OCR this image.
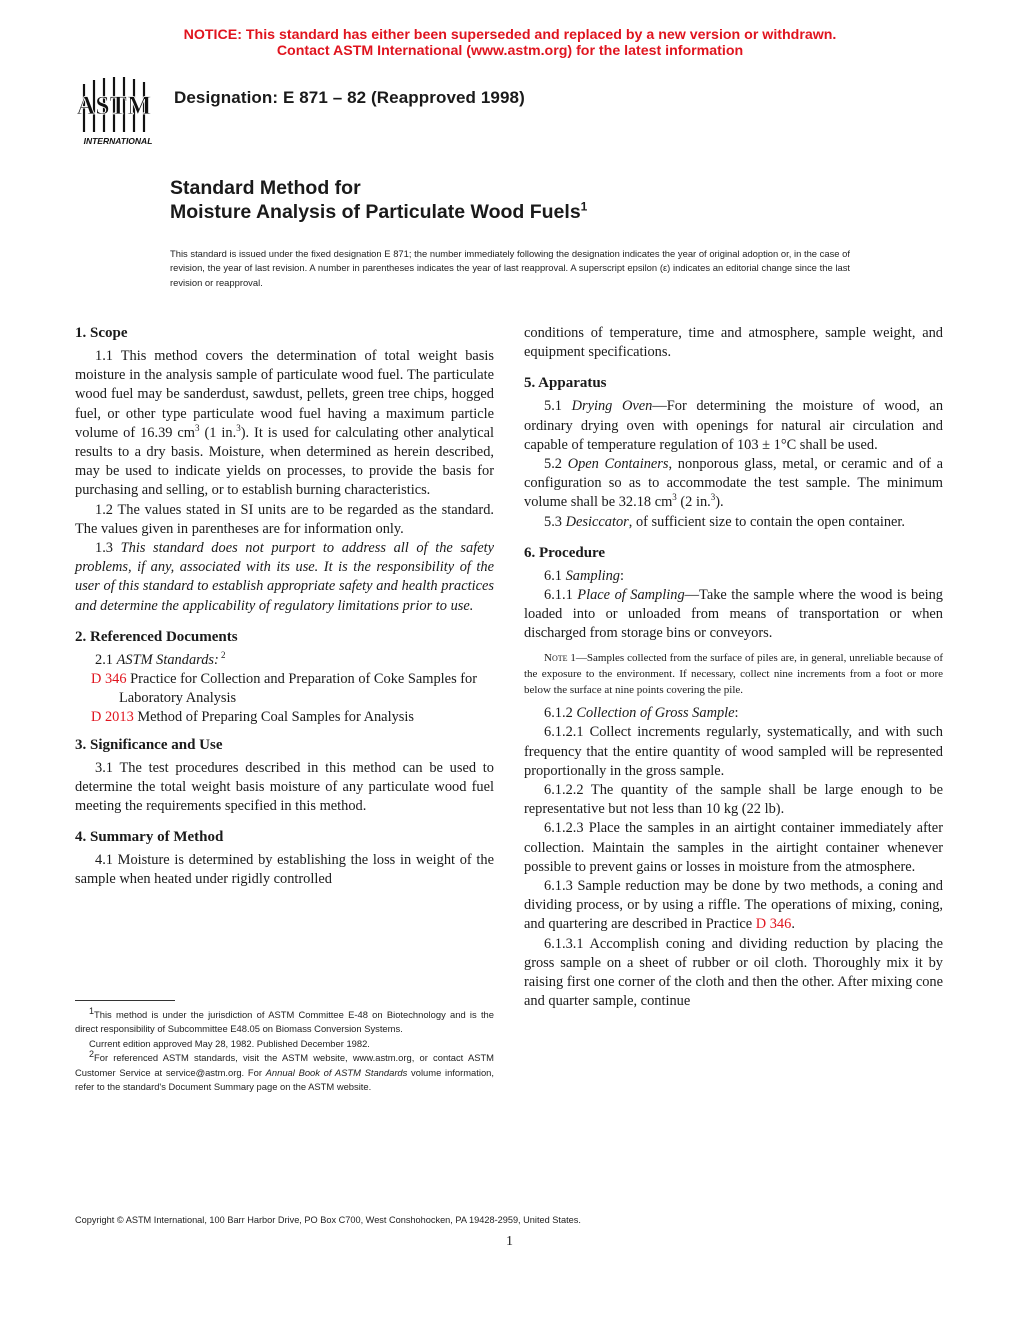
NOTICE: This standard has either been superseded and replaced by a new version or withdrawn.
Contact ASTM International (www.astm.org) for the latest information
ASTM
INTERNATIONAL
Designation: E 871 – 82 (Reapproved 1998)
Standard Method for
Moisture Analysis of Particulate Wood Fuels$^1$
This standard is issued under the fixed designation E 871; the number immediately following the designation indicates the year of original adoption or, in the case of revision, the year of last revision. A number in parentheses indicates the year of last reapproval. A superscript epsilon (ε) indicates an editorial change since the last revision or reapproval.
1. Scope

1.1 This method covers the determination of total weight basis moisture in the analysis sample of particulate wood fuel. The particulate wood fuel may be sanderdust, sawdust, pellets, green tree chips, hogged fuel, or other type particulate wood fuel having a maximum particle volume of 16.39 $cm^3$ (1 in.$^3$). It is used for calculating other analytical results to a dry basis. Moisture, when determined as herein described, may be used to indicate yields on processes, to provide the basis for purchasing and selling, or to establish burning characteristics.

1.2 The values stated in SI units are to be regarded as the standard. The values given in parentheses are for information only.

1.3 This standard does not purport to address all of the safety problems, if any, associated with its use. It is the responsibility of the user of this standard to establish appropriate safety and health practices and determine the applicability of regulatory limitations prior to use.

2. Referenced Documents

2.1 ASTM Standards: $^2$

D 346 Practice for Collection and Preparation of Coke Samples for Laboratory Analysis

D 2013 Method of Preparing Coal Samples for Analysis

3. Significance and Use

3.1 The test procedures described in this method can be used to determine the total weight basis moisture of any particulate wood fuel meeting the requirements specified in this method.

4. Summary of Method

4.1 Moisture is determined by establishing the loss in weight of the sample when heated under rigidly controlled

conditions of temperature, time and atmosphere, sample weight, and equipment specifications.

5. Apparatus

5.1 Drying Oven—For determining the moisture of wood, an ordinary drying oven with openings for natural air circulation and capable of temperature regulation of 103 ± 1°C shall be used.

5.2 Open Containers, nonporous glass, metal, or ceramic and of a configuration so as to accommodate the test sample. The minimum volume shall be 32.18 $cm^3$ (2 in.$^3$).

5.3 Desiccator, of sufficient size to contain the open container.

6. Procedure

6.1 Sampling:

6.1.1 Place of Sampling—Take the sample where the wood is being loaded into or unloaded from means of transportation or when discharged from storage bins or conveyors.

Note 1—Samples collected from the surface of piles are, in general, unreliable because of the exposure to the environment. If necessary, collect nine increments from a foot or more below the surface at nine points covering the pile.

6.1.2 Collection of Gross Sample:

6.1.2.1 Collect increments regularly, systematically, and with such frequency that the entire quantity of wood sampled will be represented proportionally in the gross sample.

6.1.2.2 The quantity of the sample shall be large enough to be representative but not less than 10 kg (22 lb).

6.1.2.3 Place the samples in an airtight container immediately after collection. Maintain the samples in the airtight container whenever possible to prevent gains or losses in moisture from the atmosphere.

6.1.3 Sample reduction may be done by two methods, a coning and dividing process, or by using a riffle. The operations of mixing, coning, and quartering are described in Practice D 346.

6.1.3.1 Accomplish coning and dividing reduction by placing the gross sample on a sheet of rubber or oil cloth. Thoroughly mix it by raising first one corner of the cloth and then the other. After mixing cone and quarter sample, continue

$^1$This method is under the jurisdiction of ASTM Committee E-48 on Biotechnology and is the direct responsibility of Subcommittee E48.05 on Biomass Conversion Systems.

Current edition approved May 28, 1982. Published December 1982.

$^2$For referenced ASTM standards, visit the ASTM website, www.astm.org, or contact ASTM Customer Service at service@astm.org. For Annual Book of ASTM Standards volume information, refer to the standard's Document Summary page on the ASTM website.

Copyright © ASTM International, 100 Barr Harbor Drive, PO Box C700, West Conshohocken, PA 19428-2959, United States.
1
